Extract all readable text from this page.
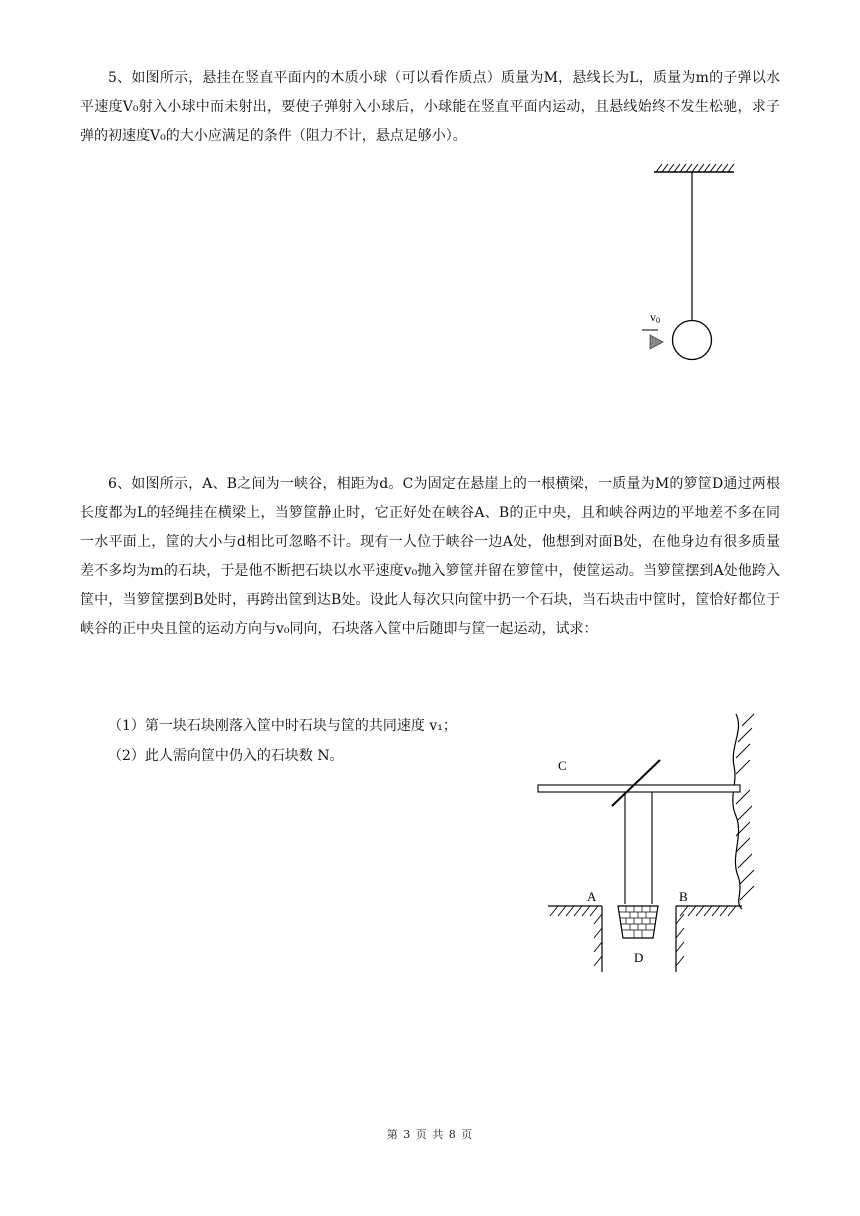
5、如图所示，悬挂在竖直平面内的木质小球（可以看作质点）质量为M，悬线长为L，质量为m的子弹以水平速度V₀射入小球中而未射出，要使子弹射入小球后，小球能在竖直平面内运动，且悬线始终不发生松驰，求子弹的初速度V₀的大小应满足的条件（阻力不计，悬点足够小）。

v0

6、如图所示，A、B之间为一峡谷，相距为d。C为固定在悬崖上的一根横梁，一质量为M的箩筐D通过两根长度都为L的轻绳挂在横梁上，当箩筐静止时，它正好处在峡谷A、B的正中央，且和峡谷两边的平地差不多在同一水平面上，筐的大小与d相比可忽略不计。现有一人位于峡谷一边A处，他想到对面B处，在他身边有很多质量差不多均为m的石块，于是他不断把石块以水平速度v₀抛入箩筐并留在箩筐中，使筐运动。当箩筐摆到A处他跨入筐中，当箩筐摆到B处时，再跨出筐到达B处。设此人每次只向筐中扔一个石块，当石块击中筐时，筐恰好都位于峡谷的正中央且筐的运动方向与v₀同向，石块落入筐中后随即与筐一起运动，试求：

（1）第一块石块刚落入筐中时石块与筐的共同速度 v₁；

（2）此人需向筐中仍入的石块数 N。

C
A	B
D
第 3 页 共 8 页
